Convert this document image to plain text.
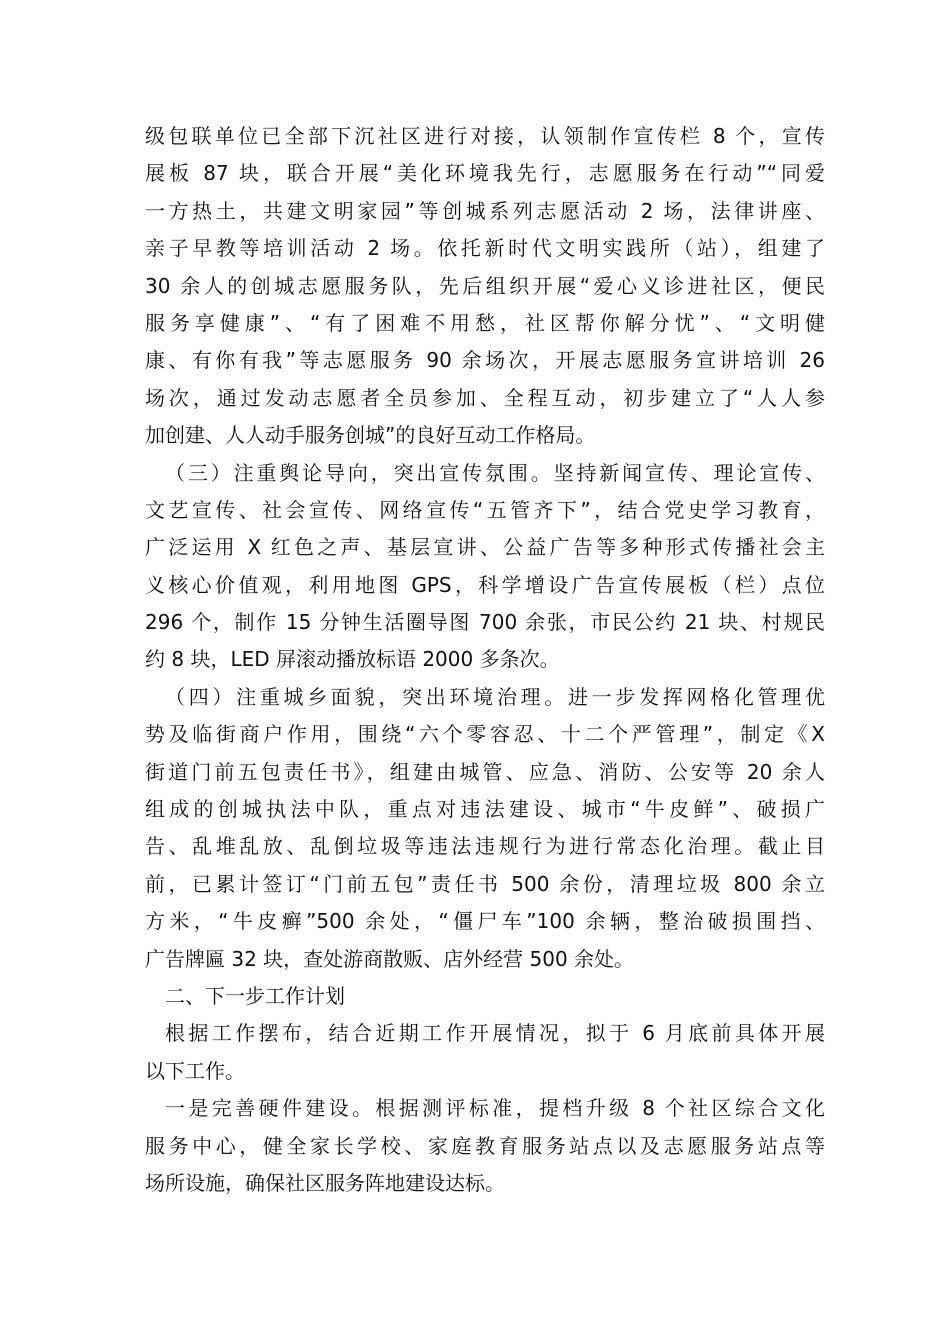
级包联单位已全部下沉社区进行对接，认领制作宣传栏 8 个，宣传
展板 87 块，联合开展“美化环境我先行，志愿服务在行动”“同爱
一方热土，共建文明家园”等创城系列志愿活动 2 场，法律讲座、
亲子早教等培训活动 2 场。依托新时代文明实践所（站），组建了
30 余人的创城志愿服务队，先后组织开展“爱心义诊进社区，便民
服务享健康”、“有了困难不用愁，社区帮你解分忧”、“文明健
康、有你有我”等志愿服务 90 余场次，开展志愿服务宣讲培训 26
场次，通过发动志愿者全员参加、全程互动，初步建立了“人人参
加创建、人人动手服务创城”的良好互动工作格局。
（三）注重舆论导向，突出宣传氛围。坚持新闻宣传、理论宣传、
文艺宣传、社会宣传、网络宣传“五管齐下”，结合党史学习教育，
广泛运用 X 红色之声、基层宣讲、公益广告等多种形式传播社会主
义核心价值观，利用地图 GPS，科学增设广告宣传展板（栏）点位
296 个，制作 15 分钟生活圈导图 700 余张，市民公约 21 块、村规民
约 8 块，LED 屏滚动播放标语 2000 多条次。
（四）注重城乡面貌，突出环境治理。进一步发挥网格化管理优
势及临街商户作用，围绕“六个零容忍、十二个严管理”，制定《X
街道门前五包责任书》，组建由城管、应急、消防、公安等 20 余人
组成的创城执法中队，重点对违法建设、城市“牛皮鲜”、破损广
告、乱堆乱放、乱倒垃圾等违法违规行为进行常态化治理。截止目
前，已累计签订“门前五包”责任书 500 余份，清理垃圾 800 余立
方米，“牛皮癣”500 余处，“僵尸车”100 余辆，整治破损围挡、
广告牌匾 32 块，查处游商散贩、店外经营 500 余处。
二、下一步工作计划
根据工作摆布，结合近期工作开展情况，拟于 6 月底前具体开展
以下工作。
一是完善硬件建设。根据测评标准，提档升级 8 个社区综合文化
服务中心，健全家长学校、家庭教育服务站点以及志愿服务站点等
场所设施，确保社区服务阵地建设达标。
